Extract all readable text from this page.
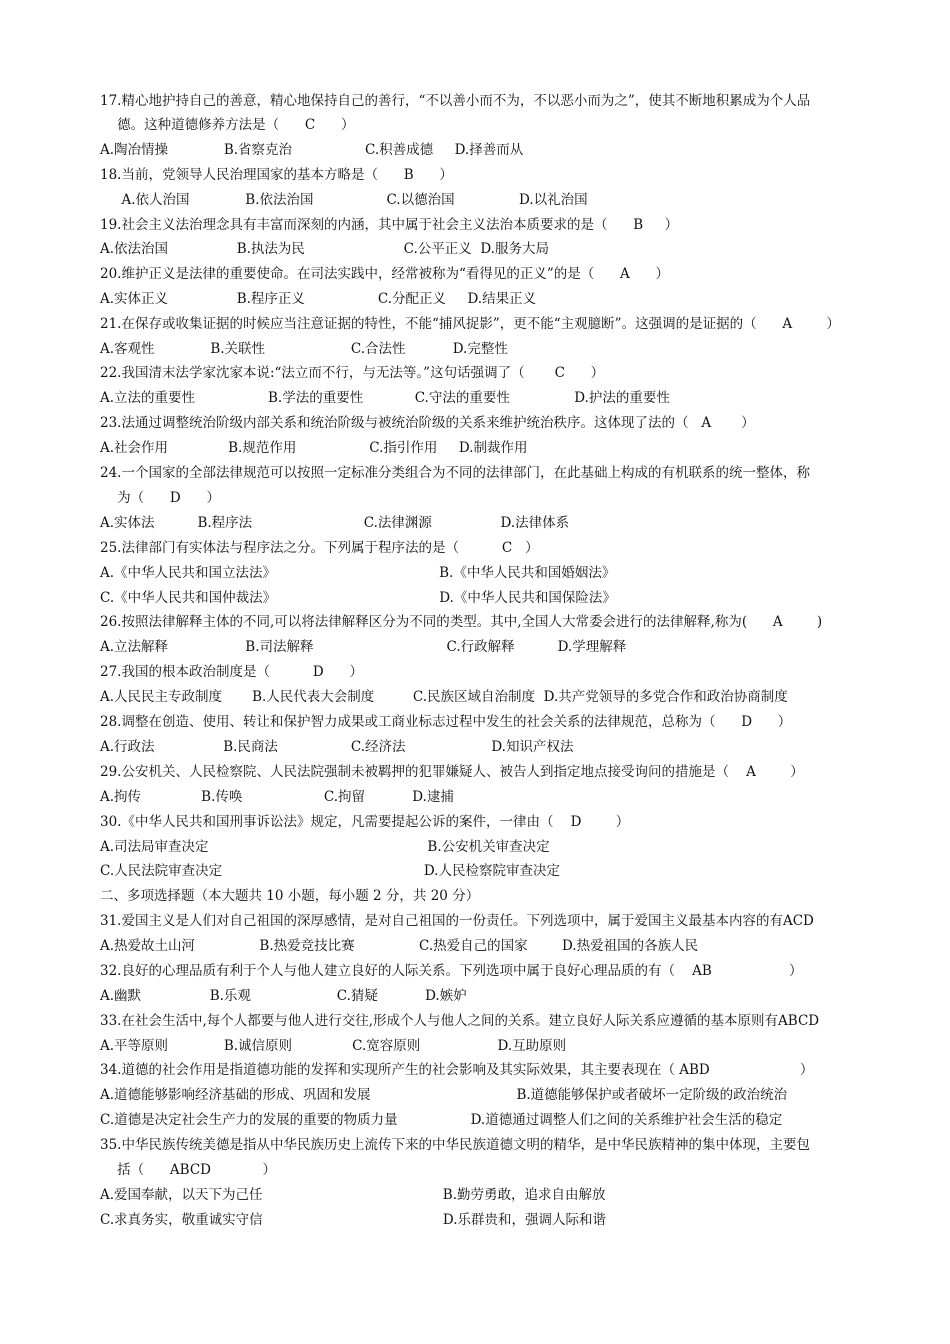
17.精心地护持自己的善意，精心地保持自己的善行，“不以善小而不为，不以恶小而为之”，使其不断地积累成为个人品
德。这种道德修养方法是（      C      ）
A.陶冶情操             B.省察克治                 C.积善成德     D.择善而从
18.当前，党领导人民治理国家的基本方略是（      B      ）
A.依人治国             B.依法治国                 C.以德治国               D.以礼治国
19.社会主义法治理念具有丰富而深刻的内涵，其中属于社会主义法治本质要求的是（      B     ）
A.依法治国                B.执法为民                       C.公平正义  D.服务大局
20.维护正义是法律的重要使命。在司法实践中，经常被称为“看得见的正义”的是（      A      ）
A.实体正义                B.程序正义                 C.分配正义     D.结果正义
21.在保存或收集证据的时候应当注意证据的特性，不能“捕风捉影”，更不能“主观臆断”。这强调的是证据的（      A        ）
A.客观性             B.关联性                    C.合法性           D.完整性
22.我国清末法学家沈家本说:“法立而不行，与无法等。”这句话强调了（       C      ）
A.立法的重要性                 B.学法的重要性            C.守法的重要性               D.护法的重要性
23.法通过调整统治阶级内部关系和统治阶级与被统治阶级的关系来维护统治秩序。这体现了法的（   A       ）
A.社会作用              B.规范作用                 C.指引作用     D.制裁作用
24.一个国家的全部法律规范可以按照一定标准分类组合为不同的法律部门，在此基础上构成的有机联系的统一整体，称
为（      D      ）
A.实体法          B.程序法                          C.法律渊源                D.法律体系
25.法律部门有实体法与程序法之分。下列属于程序法的是（          C   ）
A.《中华人民共和国立法法》                                      B.《中华人民共和国婚姻法》
C.《中华人民共和国仲裁法》                                      D.《中华人民共和国保险法》
26.按照法律解释主体的不同,可以将法律解释区分为不同的类型。其中,全国人大常委会进行的法律解释,称为(      A        )
A.立法解释                  B.司法解释                               C.行政解释          D.学理解释
27.我国的根本政治制度是（          D      ）
A.人民民主专政制度       B.人民代表大会制度         C.民族区域自治制度  D.共产党领导的多党合作和政治协商制度
28.调整在创造、使用、转让和保护智力成果或工商业标志过程中发生的社会关系的法律规范，总称为（      D      ）
A.行政法                B.民商法                 C.经济法                    D.知识产权法
29.公安机关、人民检察院、人民法院强制未被羁押的犯罪嫌疑人、被告人到指定地点接受询问的措施是（    A        ）
A.拘传              B.传唤                   C.拘留           D.逮捕
30.《中华人民共和国刑事诉讼法》规定，凡需要提起公诉的案件，一律由（    D        ）
A.司法局审查决定                                                   B.公安机关审查决定
C.人民法院审查决定                                               D.人民检察院审查决定
二、多项选择题（本大题共 10 小题，每小题 2 分，共 20 分）
31.爱国主义是人们对自己祖国的深厚感情，是对自己祖国的一份责任。下列选项中，属于爱国主义最基本内容的有ACD
A.热爱故土山河               B.热爱竞技比赛               C.热爱自己的国家        D.热爱祖国的各族人民
32.良好的心理品质有利于个人与他人建立良好的人际关系。下列选项中属于良好心理品质的有（    AB                  ）
A.幽默                B.乐观                    C.猜疑           D.嫉妒
33.在社会生活中,每个人都要与他人进行交往,形成个人与他人之间的关系。建立良好人际关系应遵循的基本原则有ABCD
A.平等原则             B.诚信原则              C.宽容原则                  D.互助原则
34.道德的社会作用是指道德功能的发挥和实现所产生的社会影响及其实际效果，其主要表现在（ ABD                     ）
A.道德能够影响经济基础的形成、巩固和发展                                  B.道德能够保护或者破坏一定阶级的政治统治
C.道德是决定社会生产力的发展的重要的物质力量                 D.道德通过调整人们之间的关系维护社会生活的稳定
35.中华民族传统美德是指从中华民族历史上流传下来的中华民族道德文明的精华，是中华民族精神的集中体现，主要包
括（      ABCD            ）
A.爱国奉献，以天下为己任                                          B.勤劳勇敢，追求自由解放
C.求真务实，敬重诚实守信                                          D.乐群贵和，强调人际和谐
